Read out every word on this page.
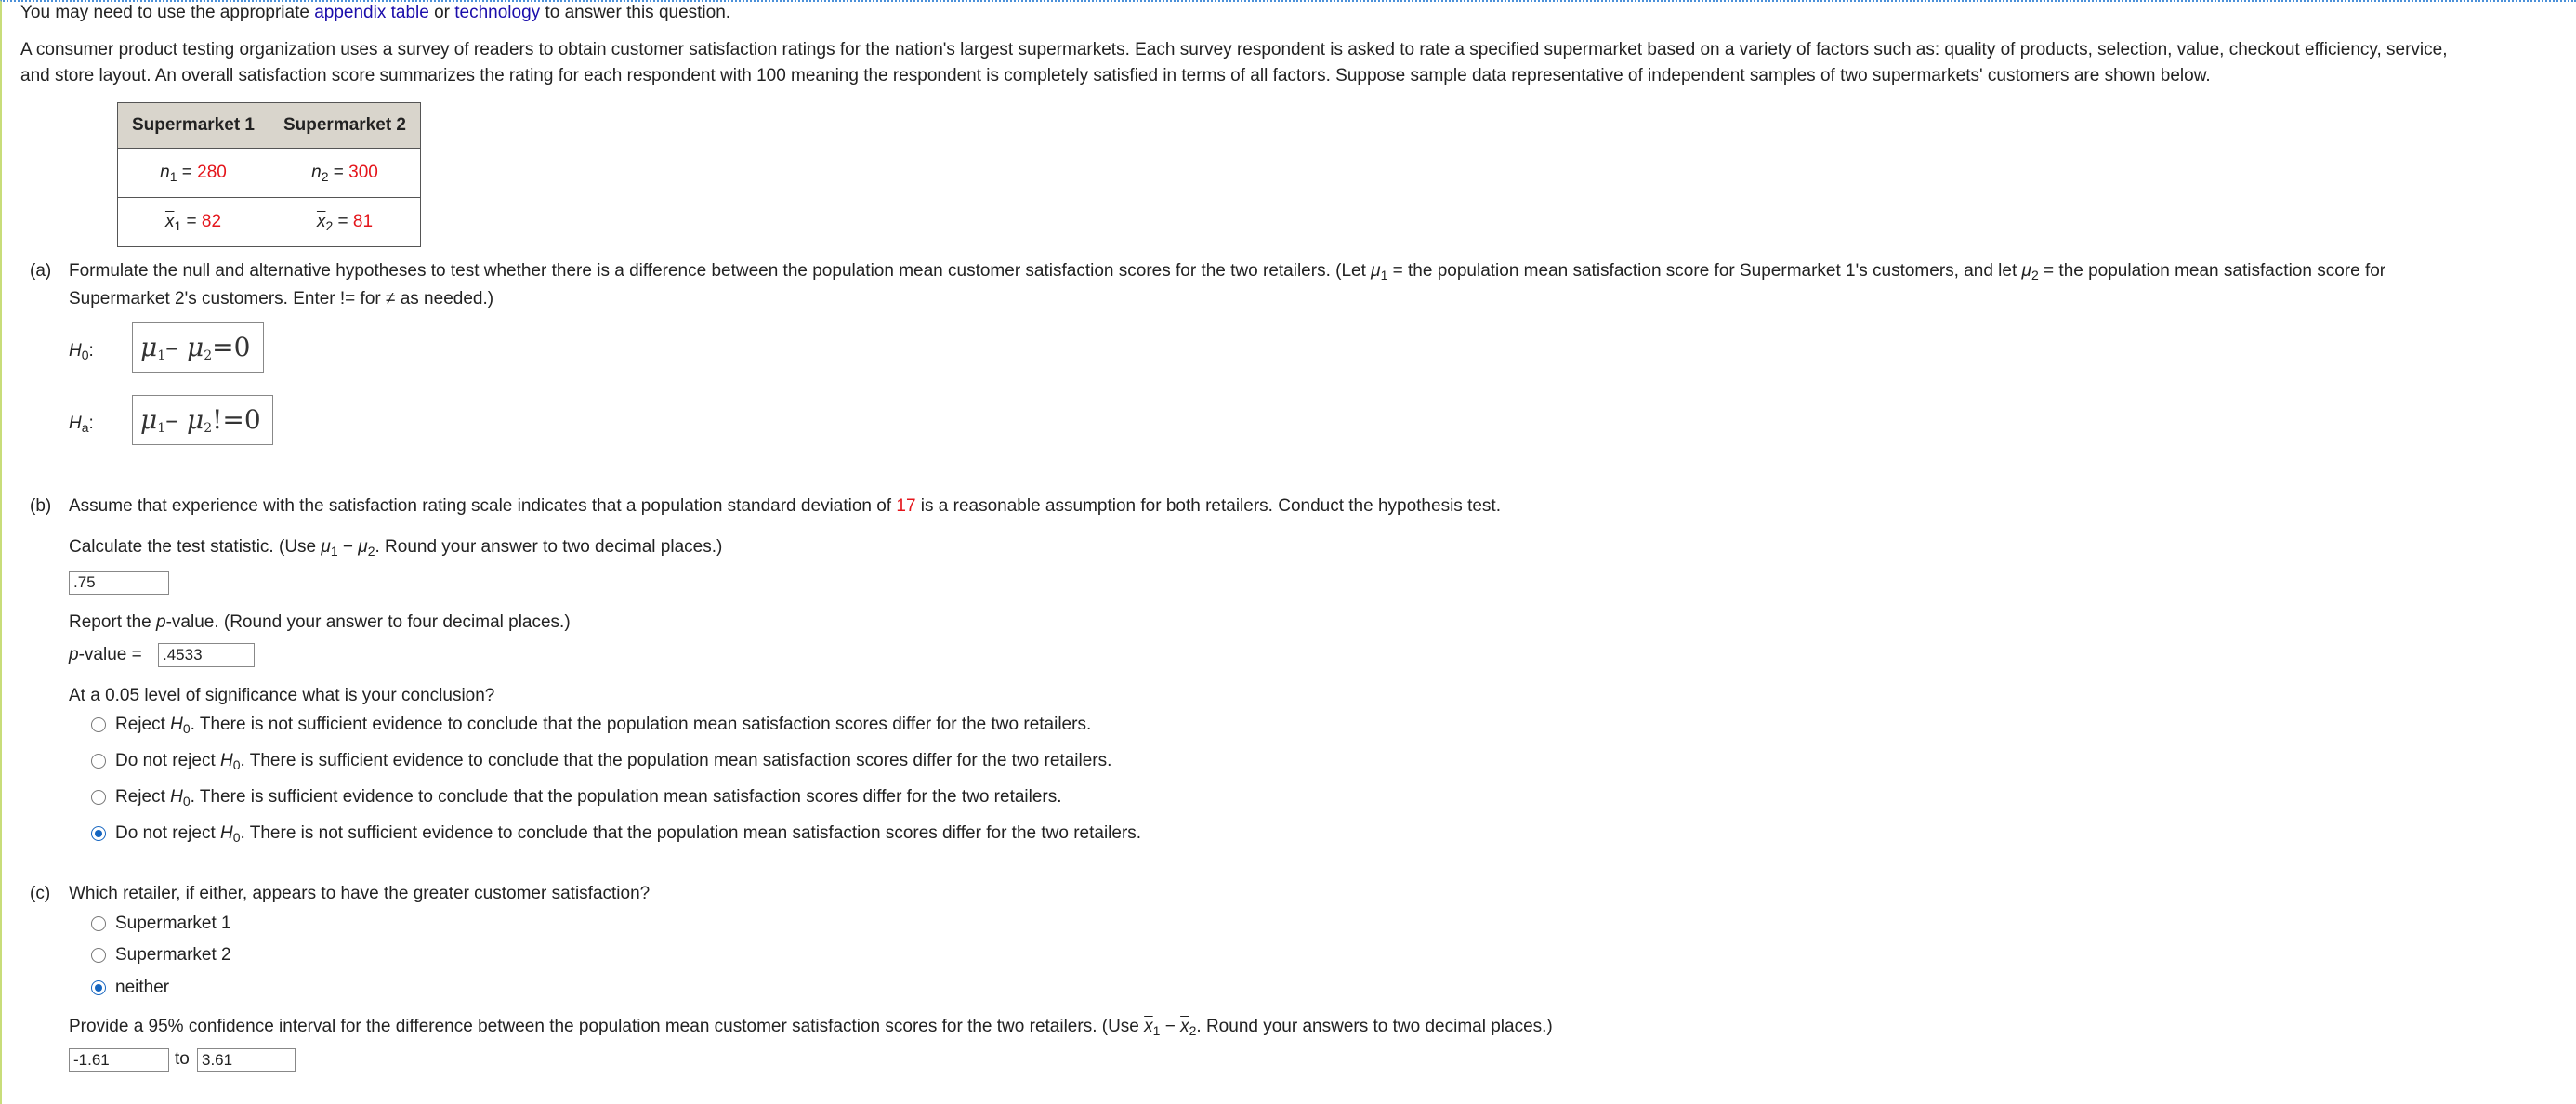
You may need to use the appropriate appendix table or technology to answer this question.
A consumer product testing organization uses a survey of readers to obtain customer satisfaction ratings for the nation's largest supermarkets. Each survey respondent is asked to rate a specified supermarket based on a variety of factors such as: quality of products, selection, value, checkout efficiency, service,
and store layout. An overall satisfaction score summarizes the rating for each respondent with 100 meaning the respondent is completely satisfied in terms of all factors. Suppose sample data representative of independent samples of two supermarkets' customers are shown below.
Supermarket 1	Supermarket 2
$n_1 = 280$	$n_2 = 300$
$\overline{x}_1 = 82$	$\overline{x}_2 = 81$
(a) Formulate the null and alternative hypotheses to test whether there is a difference between the population mean customer satisfaction scores for the two retailers. (Let $\mu_1$ = the population mean satisfaction score for Supermarket 1's customers, and let $\mu_2$ = the population mean satisfaction score for
Supermarket 2's customers. Enter != for ≠ as needed.)
$H_0$:	$\mu_1-$ $\mu_2=0$
$H_a$:	$\mu_1-$ $\mu_2!=0$
(b) Assume that experience with the satisfaction rating scale indicates that a population standard deviation of 17 is a reasonable assumption for both retailers. Conduct the hypothesis test.
Calculate the test statistic. (Use $\mu_1 - \mu_2$. Round your answer to two decimal places.)
.75
Report the p-value. (Round your answer to four decimal places.)
p-value = .4533
At a 0.05 level of significance what is your conclusion?
Reject $H_0$. There is not sufficient evidence to conclude that the population mean satisfaction scores differ for the two retailers.
Do not reject $H_0$. There is sufficient evidence to conclude that the population mean satisfaction scores differ for the two retailers.
Reject $H_0$. There is sufficient evidence to conclude that the population mean satisfaction scores differ for the two retailers.
Do not reject $H_0$. There is not sufficient evidence to conclude that the population mean satisfaction scores differ for the two retailers.
(c) Which retailer, if either, appears to have the greater customer satisfaction?
Supermarket 1
Supermarket 2
neither
Provide a 95% confidence interval for the difference between the population mean customer satisfaction scores for the two retailers. (Use $\overline{x}_1 - \overline{x}_2$. Round your answers to two decimal places.)
-1.61	to 3.61
